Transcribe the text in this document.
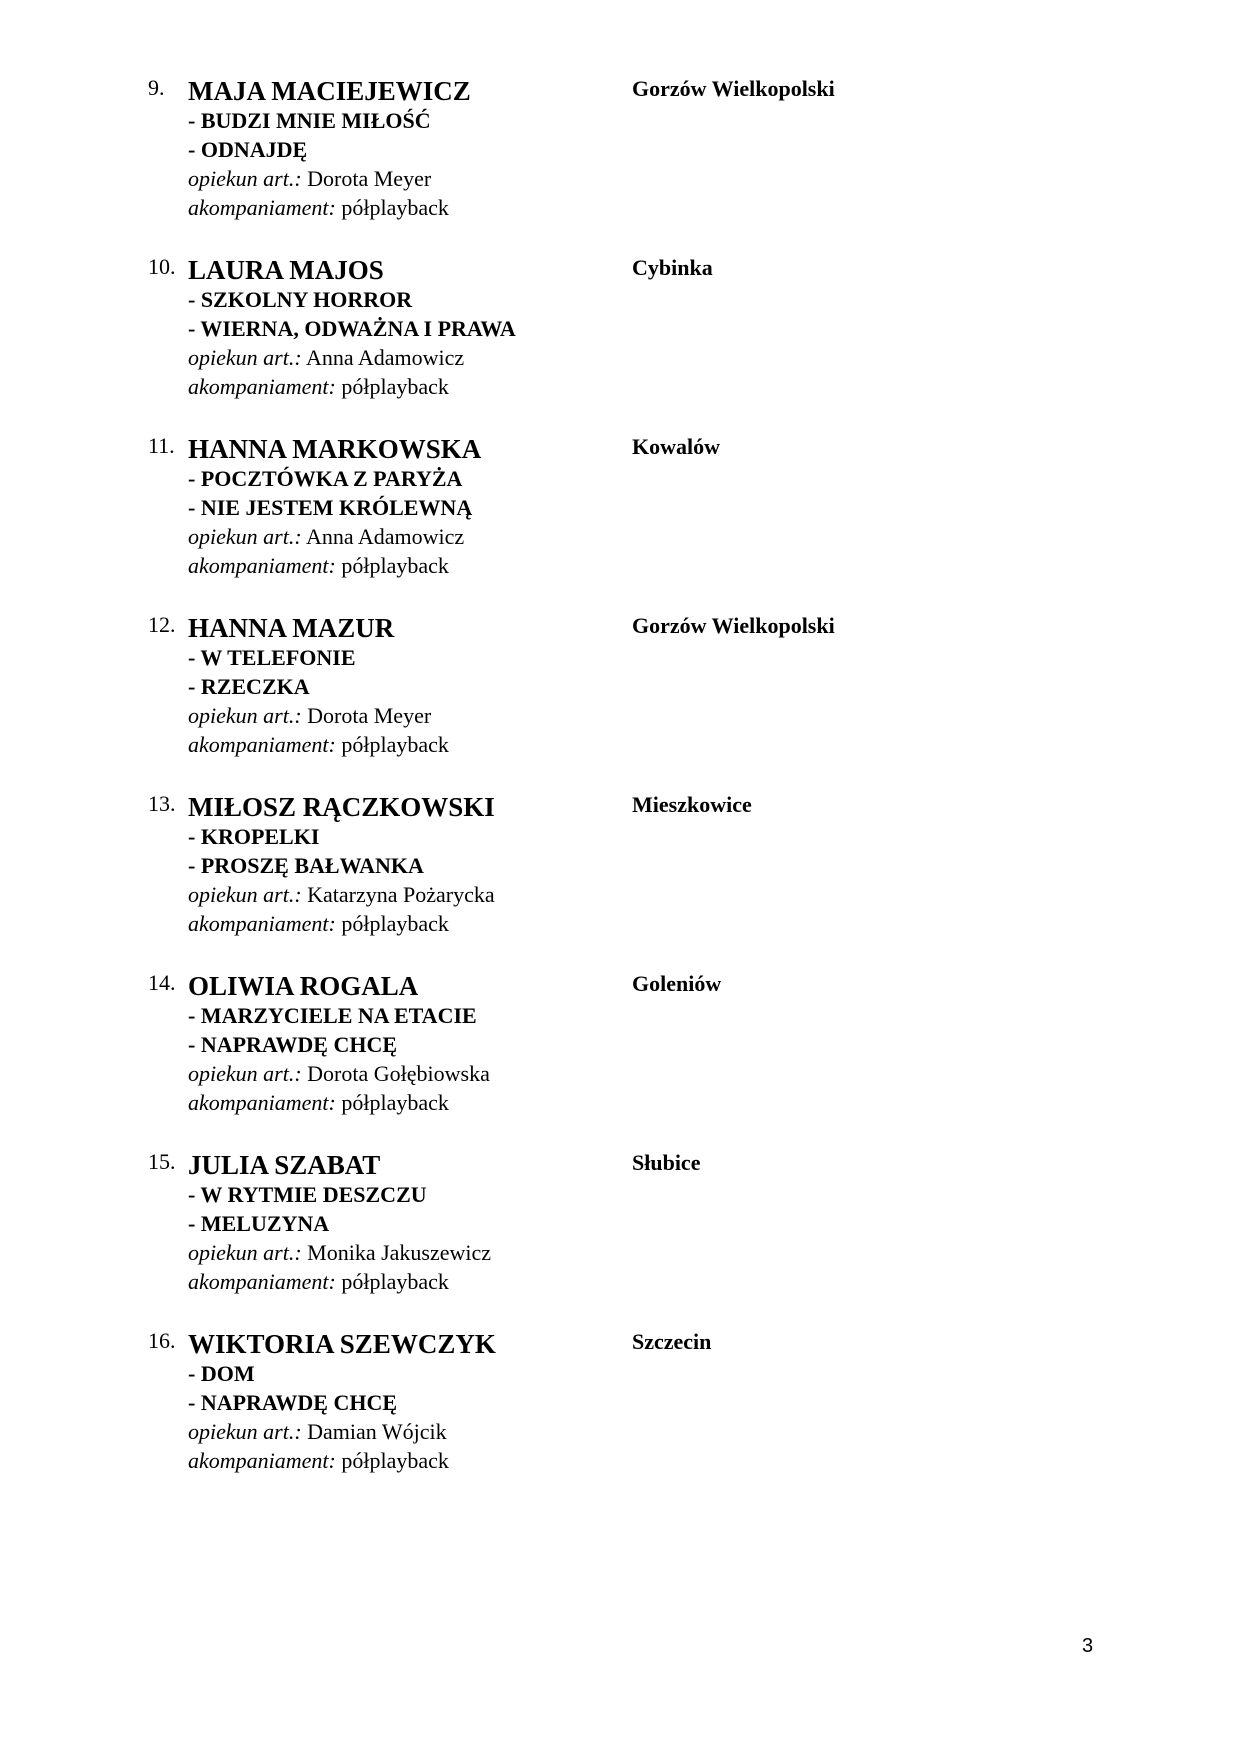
9. MAJA MACIEJEWICZ
- BUDZI MNIE MIŁOŚĆ
- ODNAJDĘ
opiekun art.: Dorota Meyer
akompaniament: półplayback
Gorzów Wielkopolski
10. LAURA MAJOS
- SZKOLNY HORROR
- WIERNA, ODWAŻNA I PRAWA
opiekun art.: Anna Adamowicz
akompaniament: półplayback
Cybinka
11. HANNA MARKOWSKA
- POCZTÓWKA Z PARYŻA
- NIE JESTEM KRÓLEWNĄ
opiekun art.: Anna Adamowicz
akompaniament: półplayback
Kowalów
12. HANNA MAZUR
- W TELEFONIE
- RZECZKA
opiekun art.: Dorota Meyer
akompaniament: półplayback
Gorzów Wielkopolski
13. MIŁOSZ RĄCZKOWSKI
- KROPELKI
- PROSZĘ BAŁWANKA
opiekun art.: Katarzyna Pożarycka
akompaniament: półplayback
Mieszkowice
14. OLIWIA ROGALA
- MARZYCIELE NA ETACIE
- NAPRAWDĘ CHCĘ
opiekun art.: Dorota Gołębiowska
akompaniament: półplayback
Goleniów
15. JULIA SZABAT
- W RYTMIE DESZCZU
- MELUZYNA
opiekun art.: Monika Jakuszewicz
akompaniament: półplayback
Słubice
16. WIKTORIA SZEWCZYK
- DOM
- NAPRAWDĘ CHCĘ
opiekun art.: Damian Wójcik
akompaniament: półplayback
Szczecin
3
